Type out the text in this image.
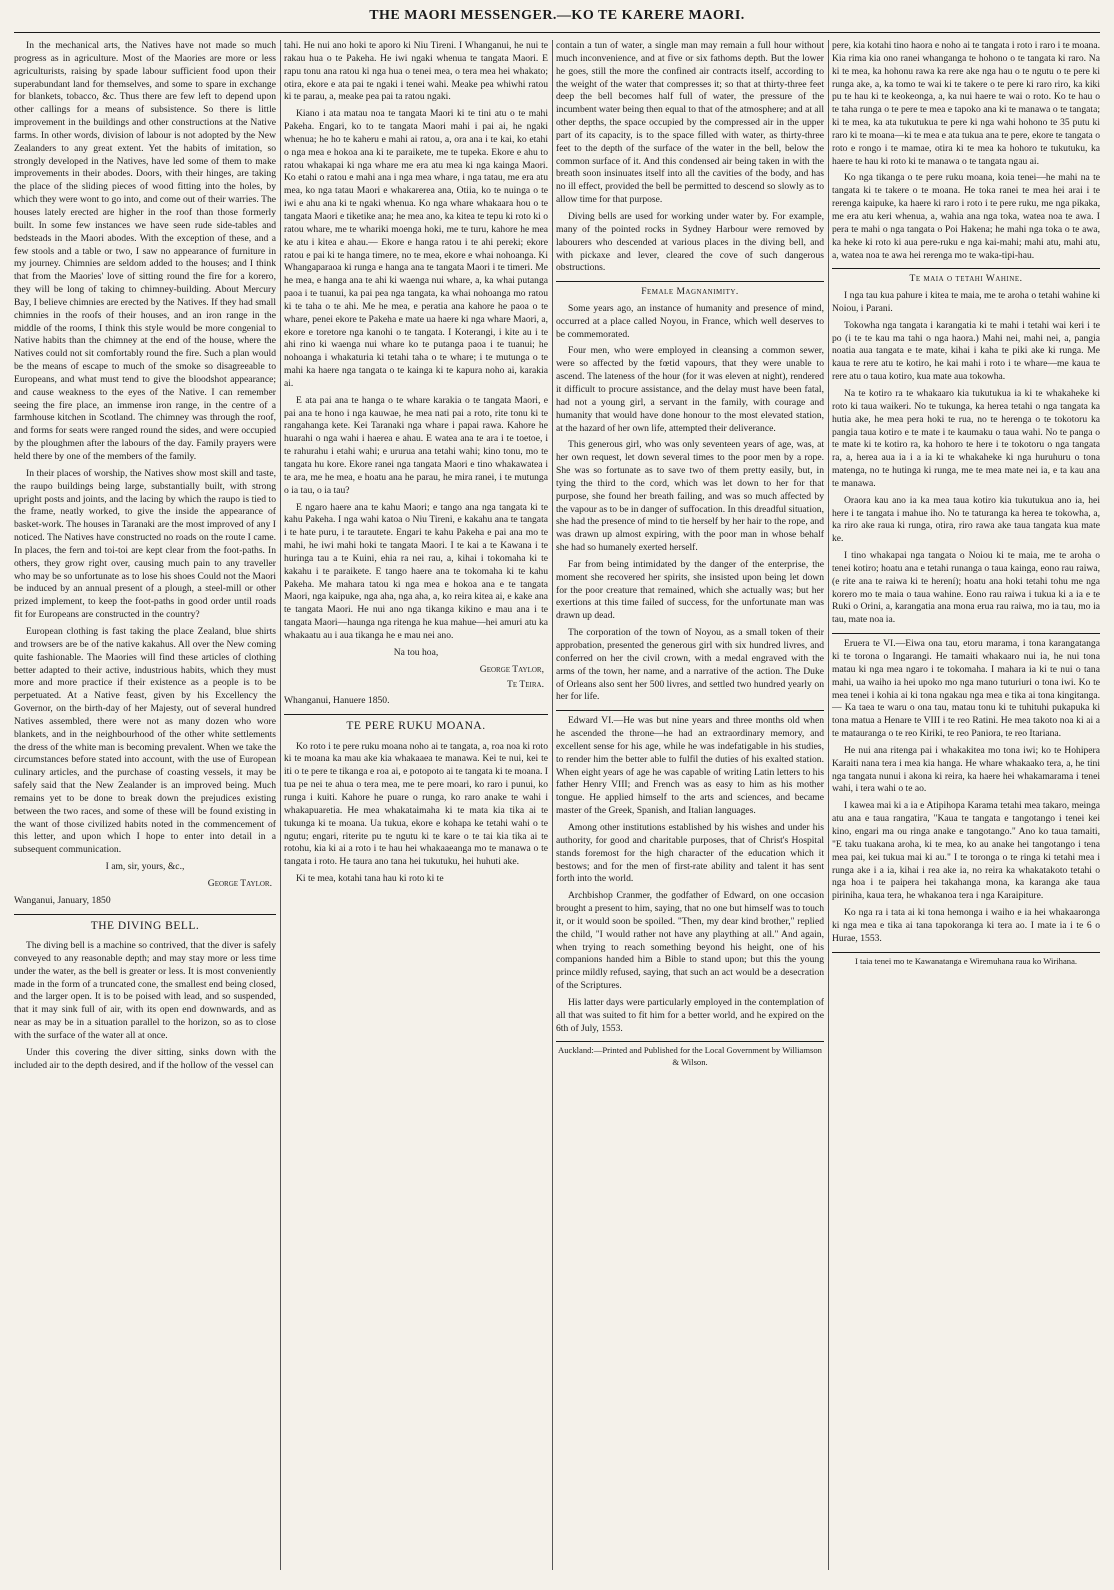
THE MAORI MESSENGER.—KO TE KARERE MAORI.

In the mechanical arts, the Natives have not made so much progress as in agriculture. Most of the Maories are more or less agriculturists, raising by spade labour sufficient food upon their superabundant land for themselves, and some to spare in exchange for blankets, tobacco, &c. Thus there are few left to depend upon other callings for a means of subsistence. So there is little improvement in the buildings and other constructions at the Native farms. In other words, division of labour is not adopted by the New Zealanders to any great extent. Yet the habits of imitation, so strongly developed in the Natives, have led some of them to make improvements in their abodes. Doors, with their hinges, are taking the place of the sliding pieces of wood fitting into the holes, by which they were wont to go into, and come out of their warries. The houses lately erected are higher in the roof than those formerly built. In some few instances we have seen rude side-tables and bedsteads in the Maori abodes. With the exception of these, and a few stools and a table or two, I saw no appearance of furniture in my journey. Chimnies are seldom added to the houses; and I think that from the Maories' love of sitting round the fire for a korero, they will be long of taking to chimney-building. About Mercury Bay, I believe chimnies are erected by the Natives. If they had small chimnies in the roofs of their houses, and an iron range in the middle of the rooms, I think this style would be more congenial to Native habits than the chimney at the end of the house, where the Natives could not sit comfortably round the fire. Such a plan would be the means of escape to much of the smoke so disagreeable to Europeans, and what must tend to give the bloodshot appearance; and cause weakness to the eyes of the Native. I can remember seeing the fire place, an immense iron range, in the centre of a farmhouse kitchen in Scotland. The chimney was through the roof, and forms for seats were ranged round the sides, and were occupied by the ploughmen after the labours of the day. Family prayers were held there by one of the members of the family.

In their places of worship, the Natives show most skill and taste, the raupo buildings being large, substantially built, with strong upright posts and joints, and the lacing by which the raupo is tied to the frame, neatly worked, to give the inside the appearance of basket-work. The houses in Taranaki are the most improved of any I noticed. The Natives have constructed no roads on the route I came. In places, the fern and toi-toi are kept clear from the foot-paths. In others, they grow right over, causing much pain to any traveller who may be so unfortunate as to lose his shoes Could not the Maori be induced by an annual present of a plough, a steel-mill or other prized implement, to keep the foot-paths in good order until roads fit for Europeans are constructed in the country?

European clothing is fast taking the place Zealand, blue shirts and trowsers are be of the native kakahus. All over the New coming quite fashionable. The Maories will find these articles of clothing better adapted to their active, industrious habits, which they must more and more practice if their existence as a people is to be perpetuated. At a Native feast, given by his Excellency the Governor, on the birth-day of her Majesty, out of several hundred Natives assembled, there were not as many dozen who wore blankets, and in the neighbourhood of the other white settlements the dress of the white man is becoming prevalent. When we take the circumstances before stated into account, with the use of European culinary articles, and the purchase of coasting vessels, it may be safely said that the New Zealander is an improved being. Much remains yet to be done to break down the prejudices existing between the two races, and some of these will be found existing in the want of those civilized habits noted in the commencement of this letter, and upon which I hope to enter into detail in a subsequent communication.

I am, sir, yours, &c.,

George Taylor.
Wanganui, January, 1850
THE DIVING BELL.

The diving bell is a machine so contrived, that the diver is safely conveyed to any reasonable depth; and may stay more or less time under the water, as the bell is greater or less. It is most conveniently made in the form of a truncated cone, the smallest end being closed, and the larger open. It is to be poised with lead, and so suspended, that it may sink full of air, with its open end downwards, and as near as may be in a situation parallel to the horizon, so as to close with the surface of the water all at once.

Under this covering the diver sitting, sinks down with the included air to the depth desired, and if the hollow of the vessel can

tahi. He nui ano hoki te aporo ki Niu Tireni. I Whanganui, he nui te rakau hua o te Pakeha. He iwi ngaki whenua te tangata Maori. E rapu tonu ana ratou ki nga hua o tenei mea, o tera mea hei whakato; otira, ekore e ata pai te ngaki i tenei wahi. Meake pea whiwhi ratou ki te parau, a, meake pea pai ta ratou ngaki.

Kiano i ata matau noa te tangata Maori ki te tini atu o te mahi Pakeha. Engari, ko to te tangata Maori mahi i pai ai, he ngaki whenua; he ho te kaheru e mahi ai ratou, a, ora ana i te kai, ko etahi o nga mea e hokoa ana ki te paraikete, me te tupeka. Ekore e ahu to ratou whakapai ki nga whare me era atu mea ki nga kainga Maori. Ko etahi o ratou e mahi ana i nga mea whare, i nga tatau, me era atu mea, ko nga tatau Maori e whakarerea ana, Otiia, ko te nuinga o te iwi e ahu ana ki te ngaki whenua. Ko nga whare whakaara hou o te tangata Maori e tiketike ana; he mea ano, ka kitea te tepu ki roto ki o ratou whare, me te whariki moenga hoki, me te turu, kahore he mea ke atu i kitea e ahau.— Ekore e hanga ratou i te ahi pereki; ekore ratou e pai ki te hanga timere, no te mea, ekore e whai nohoanga. Ki Whangaparaoa ki runga e hanga ana te tangata Maori i te timeri. Me he mea, e hanga ana te ahi ki waenga nui whare, a, ka whai putanga paoa i te tuanui, ka pai pea nga tangata, ka whai nohoanga mo ratou ki te taha o te ahi. Me he mea, e peratia ana kahore he paoa o te whare, penei ekore te Pakeha e mate ua haere ki nga whare Maori, a, ekore e toretore nga kanohi o te tangata. I Koterangi, i kite au i te ahi rino ki waenga nui whare ko te putanga paoa i te tuanui; he nohoanga i whakaturia ki tetahi taha o te whare; i te mutunga o te mahi ka haere nga tangata o te kainga ki te kapura noho ai, karakia ai.

E ata pai ana te hanga o te whare karakia o te tangata Maori, e pai ana te hono i nga kauwae, he mea nati pai a roto, rite tonu ki te rangahanga kete. Kei Taranaki nga whare i papai rawa. Kahore he huarahi o nga wahi i haerea e ahau. E watea ana te ara i te toetoe, i te rahurahu i etahi wahi; e ururua ana tetahi wahi; kino tonu, mo te tangata hu kore. Ekore ranei nga tangata Maori e tino whakawatea i te ara, me he mea, e hoatu ana he parau, he mira ranei, i te mutunga o ia tau, o ia tau?

E ngaro haere ana te kahu Maori; e tango ana nga tangata ki te kahu Pakeha. I nga wahi katoa o Niu Tireni, e kakahu ana te tangata i te hate puru, i te tarautete. Engari te kahu Pakeha e pai ana mo te mahi, he iwi mahi hoki te tangata Maori. I te kai a te Kawana i te huringa tau a te Kuini, ehia ra nei rau, a, kihai i tokomaha ki te kakahu i te paraikete. E tango haere ana te tokomaha ki te kahu Pakeha. Me mahara tatou ki nga mea e hokoa ana e te tangata Maori, nga kaipuke, nga aha, nga aha, a, ko reira kitea ai, e kake ana te tangata Maori. He nui ano nga tikanga kikino e mau ana i te tangata Maori—haunga nga ritenga he kua mahue—hei amuri atu ka whakaatu au i aua tikanga he e mau nei ano.

Na tou hoa,

George Taylor,
Te Teira.
Whanganui, Hanuere 1850.
TE PERE RUKU MOANA.

Ko roto i te pere ruku moana noho ai te tangata, a, roa noa ki roto ki te moana ka mau ake kia whakaaea te manawa. Kei te nui, kei te iti o te pere te tikanga e roa ai, e potopoto ai te tangata ki te moana. I tua pe nei te ahua o tera mea, me te pere moari, ko raro i punui, ko runga i kuiti. Kahore he puare o runga, ko raro anake te wahi i whakapuaretia. He mea whakataimaha ki te mata kia tika ai te tukunga ki te moana. Ua tukua, ekore e kohapa ke tetahi wahi o te ngutu; engari, riterite pu te ngutu ki te kare o te tai kia tika ai te rotohu, kia ki ai a roto i te hau hei whakaaeanga mo te manawa o te tangata i roto. He taura ano tana hei tukutuku, hei huhuti ake.

Ki te mea, kotahi tana hau ki roto ki te

contain a tun of water, a single man may remain a full hour without much inconvenience, and at five or six fathoms depth. But the lower he goes, still the more the confined air contracts itself, according to the weight of the water that compresses it; so that at thirty-three feet deep the bell becomes half full of water, the pressure of the incumbent water being then equal to that of the atmosphere; and at all other depths, the space occupied by the compressed air in the upper part of its capacity, is to the space filled with water, as thirty-three feet to the depth of the surface of the water in the bell, below the common surface of it. And this condensed air being taken in with the breath soon insinuates itself into all the cavities of the body, and has no ill effect, provided the bell be permitted to descend so slowly as to allow time for that purpose.

Diving bells are used for working under water by. For example, many of the pointed rocks in Sydney Harbour were removed by labourers who descended at various places in the diving bell, and with pickaxe and lever, cleared the cove of such dangerous obstructions.

Female Magnanimity.

Some years ago, an instance of humanity and presence of mind, occurred at a place called Noyou, in France, which well deserves to be commemorated.

Four men, who were employed in cleansing a common sewer, were so affected by the fœtid vapours, that they were unable to ascend. The lateness of the hour (for it was eleven at night), rendered it difficult to procure assistance, and the delay must have been fatal, had not a young girl, a servant in the family, with courage and humanity that would have done honour to the most elevated station, at the hazard of her own life, attempted their deliverance.

This generous girl, who was only seventeen years of age, was, at her own request, let down several times to the poor men by a rope. She was so fortunate as to save two of them pretty easily, but, in tying the third to the cord, which was let down to her for that purpose, she found her breath failing, and was so much affected by the vapour as to be in danger of suffocation. In this dreadful situation, she had the presence of mind to tie herself by her hair to the rope, and was drawn up almost expiring, with the poor man in whose behalf she had so humanely exerted herself.

Far from being intimidated by the danger of the enterprise, the moment she recovered her spirits, she insisted upon being let down for the poor creature that remained, which she actually was; but her exertions at this time failed of success, for the unfortunate man was drawn up dead.

The corporation of the town of Noyou, as a small token of their approbation, presented the generous girl with six hundred livres, and conferred on her the civil crown, with a medal engraved with the arms of the town, her name, and a narrative of the action. The Duke of Orleans also sent her 500 livres, and settled two hundred yearly on her for life.

Edward VI.—He was but nine years and three months old when he ascended the throne—he had an extraordinary memory, and excellent sense for his age, while he was indefatigable in his studies, to render him the better able to fulfil the duties of his exalted station. When eight years of age he was capable of writing Latin letters to his father Henry VIII; and French was as easy to him as his mother tongue. He applied himself to the arts and sciences, and became master of the Greek, Spanish, and Italian languages.

Among other institutions established by his wishes and under his authority, for good and charitable purposes, that of Christ's Hospital stands foremost for the high character of the education which it bestows; and for the men of first-rate ability and talent it has sent forth into the world.

Archbishop Cranmer, the godfather of Edward, on one occasion brought a present to him, saying, that no one but himself was to touch it, or it would soon be spoiled. "Then, my dear kind brother," replied the child, "I would rather not have any plaything at all." And again, when trying to reach something beyond his height, one of his companions handed him a Bible to stand upon; but this the young prince mildly refused, saying, that such an act would be a desecration of the Scriptures.

His latter days were particularly employed in the contemplation of all that was suited to fit him for a better world, and he expired on the 6th of July, 1553.

Auckland:—Printed and Published for the Local Government by Williamson & Wilson.

pere, kia kotahi tino haora e noho ai te tangata i roto i raro i te moana. Kia rima kia ono ranei whanganga te hohono o te tangata ki raro. Na ki te mea, ka hohonu rawa ka rere ake nga hau o te ngutu o te pere ki runga ake, a, ka tomo te wai ki te takere o te pere ki raro riro, ka kiki pu te hau ki te keokeonga, a, ka nui haere te wai o roto. Ko te hau o te taha runga o te pere te mea e tapoko ana ki te manawa o te tangata; ki te mea, ka ata tukutukua te pere ki nga wahi hohono te 35 putu ki raro ki te moana—ki te mea e ata tukua ana te pere, ekore te tangata o roto e rongo i te mamae, otira ki te mea ka hohoro te tukutuku, ka haere te hau ki roto ki te manawa o te tangata ngau ai.

Ko nga tikanga o te pere ruku moana, koia tenei—he mahi na te tangata ki te takere o te moana. He toka ranei te mea hei arai i te rerenga kaipuke, ka haere ki raro i roto i te pere ruku, me nga pikaka, me era atu keri whenua, a, wahia ana nga toka, watea noa te awa. I pera te mahi o nga tangata o Poi Hakena; he mahi nga toka o te awa, ka heke ki roto ki aua pere-ruku e nga kai-mahi; mahi atu, mahi atu, a, watea noa te awa hei rerenga mo te waka-tipi-hau.

Te maia o tetahi Wahine.

I nga tau kua pahure i kitea te maia, me te aroha o tetahi wahine ki Noiou, i Parani.

Tokowha nga tangata i karangatia ki te mahi i tetahi wai keri i te po (i te te kau ma tahi o nga haora.) Mahi nei, mahi nei, a, pangia noatia aua tangata e te mate, kihai i kaha te piki ake ki runga. Me kaua te rere atu te kotiro, he kai mahi i roto i te whare—me kaua te rere atu o taua kotiro, kua mate aua tokowha.

Na te kotiro ra te whakaaro kia tukutukua ia ki te whakaheke ki roto ki taua waikeri. No te tukunga, ka herea tetahi o nga tangata ka hutia ake, he mea pera hoki te rua, no te herenga o te tokotoru ka pangia taua kotiro e te mate i te kaumaku o taua wahi. No te panga o te mate ki te kotiro ra, ka hohoro te here i te tokotoru o nga tangata ra, a, herea aua ia i a ia ki te whakaheke ki nga huruhuru o tona matenga, no te hutinga ki runga, me te mea mate nei ia, e ta kau ana te manawa.

Oraora kau ano ia ka mea taua kotiro kia tukutukua ano ia, hei here i te tangata i mahue iho. No te taturanga ka herea te tokowha, a, ka riro ake raua ki runga, otira, riro rawa ake taua tangata kua mate ke.

I tino whakapai nga tangata o Noiou ki te maia, me te aroha o tenei kotiro; hoatu ana e tetahi runanga o taua kainga, eono rau raiwa, (e rite ana te raiwa ki te herení); hoatu ana hoki tetahi tohu me nga korero mo te maia o taua wahine. Eono rau raiwa i tukua ki a ia e te Ruki o Orini, a, karangatia ana mona erua rau raiwa, mo ia tau, mo ia tau, mate noa ia.

Eruera te VI.—Eiwa ona tau, etoru marama, i tona karangatanga ki te torona o Ingarangi. He tamaiti whakaaro nui ia, he nui tona matau ki nga mea ngaro i te tokomaha. I mahara ia ki te nui o tana mahi, ua waiho ia hei upoko mo nga mano tuturiuri o tona iwi. Ko te mea tenei i kohia ai ki tona ngakau nga mea e tika ai tona kingitanga.— Ka taea te waru o ona tau, matau tonu ki te tuhituhi pukapuka ki tona matua a Henare te VIII i te reo Ratini. He mea takoto noa ki ai a te matauranga o te reo Kiriki, te reo Paniora, te reo Itariana.

He nui ana ritenga pai i whakakitea mo tona iwi; ko te Hohipera Karaiti nana tera i mea kia hanga. He whare whakaako tera, a, he tini nga tangata nunui i akona ki reira, ka haere hei whakamarama i tenei wahi, i tera wahi o te ao.

I kawea mai ki a ia e Atipihopa Karama tetahi mea takaro, meinga atu ana e taua rangatira, "Kaua te tangata e tangotango i tenei kei kino, engari ma ou ringa anake e tangotango." Ano ko taua tamaiti, "E taku tuakana aroha, ki te mea, ko au anake hei tangotango i tena mea pai, kei tukua mai ki au." I te toronga o te ringa ki tetahi mea i runga ake i a ia, kihai i rea ake ia, no reira ka whakatakoto tetahi o nga hoa i te paipera hei takahanga mona, ka karanga ake taua piriniha, kaua tera, he whakanoa tera i nga Karaipiture.

Ko nga ra i tata ai ki tona hemonga i waiho e ia hei whakaaronga ki nga mea e tika ai tana tapokoranga ki tera ao. I mate ia i te 6 o Hurae, 1553.

I taia tenei mo te Kawanatanga e Wiremuhana raua ko Wirihana.
